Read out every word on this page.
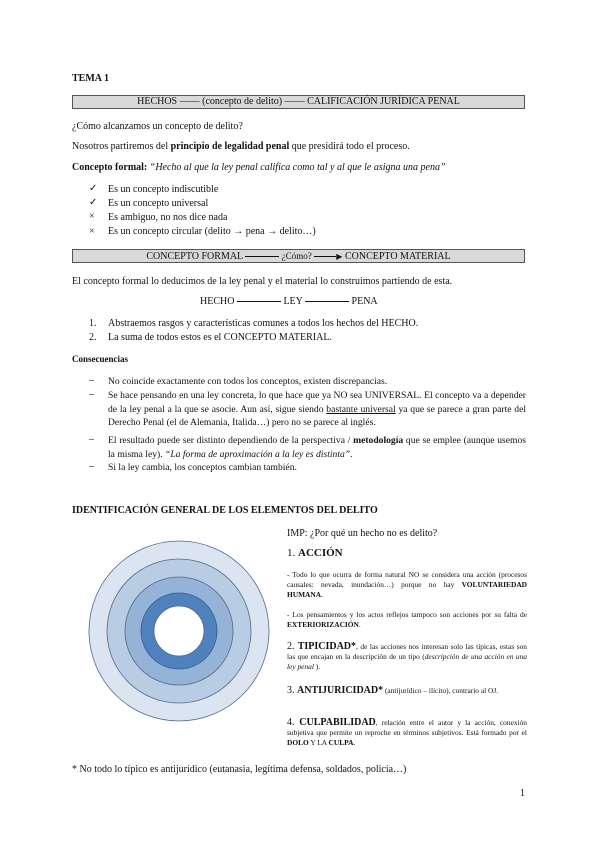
TEMA 1
HECHOS –––– (concepto de delito) –––– CALIFICACIÓN JURÍDICA PENAL
¿Cómo alcanzamos un concepto de delito?
Nosotros partiremos del principio de legalidad penal que presidirá todo el proceso.
Concepto formal: “Hecho al que la ley penal califica como tal y al que le asigna una pena”
✓	Es un concepto indiscutible
✓	Es un concepto universal
×	Es ambiguo, no nos dice nada
×	Es un concepto circular (delito → pena → delito…)
CONCEPTO FORMAL	¿Cómo?	▶ CONCEPTO MATERIAL
El concepto formal lo deducimos de la ley penal y el material lo construimos partiendo de esta.
HECHO	LEY	PENA
1.	Abstraemos rasgos y características comunes a todos los hechos del HECHO.
2.	La suma de todos estos es el CONCEPTO MATERIAL.
Consecuencias
–	No coincide exactamente con todos los conceptos, existen discrepancias.
–	Se hace pensando en una ley concreta, lo que hace que ya NO sea UNIVERSAL. El concepto va a depender de la ley penal a la que se asocie. Aun así, sigue siendo bastante universal ya que se parece a gran parte del Derecho Penal (el de Alemania, Italida…) pero no se parece al inglés.
–	El resultado puede ser distinto dependiendo de la perspectiva / metodología que se emplee (aunque usemos la misma ley). “La forma de aproximación a la ley es distinta”.
–	Si la ley cambia, los conceptos cambian también.
IDENTIFICACIÓN GENERAL DE LOS ELEMENTOS DEL DELITO
IMP: ¿Por qué un hecho no es delito?
1. ACCIÓN
- Todo lo que ocurra de forma natural NO se considera una acción (procesos causales: nevada, inundación…) porque no hay VOLUNTARIEDAD HUMANA.
- Los pensamientos y los actos reflejos tampoco son acciones por su falta de EXTERIORIZACIÓN.
2. TIPICIDAD*, de las acciones nos interesan solo las típicas, estas son las que encajan en la descripción de un tipo (descripción de una acción en una ley penal ).
3. ANTIJURICIDAD* (antijurídico – ilícito), contrario al OJ.
4. CULPABILIDAD, relación entre el autor y la acción, conexión subjetiva que permite un reproche en términos subjetivos. Está formado por el DOLO Y LA CULPA.
* No todo lo típico es antijurídico (eutanasia, legítima defensa, soldados, policía…)
1
